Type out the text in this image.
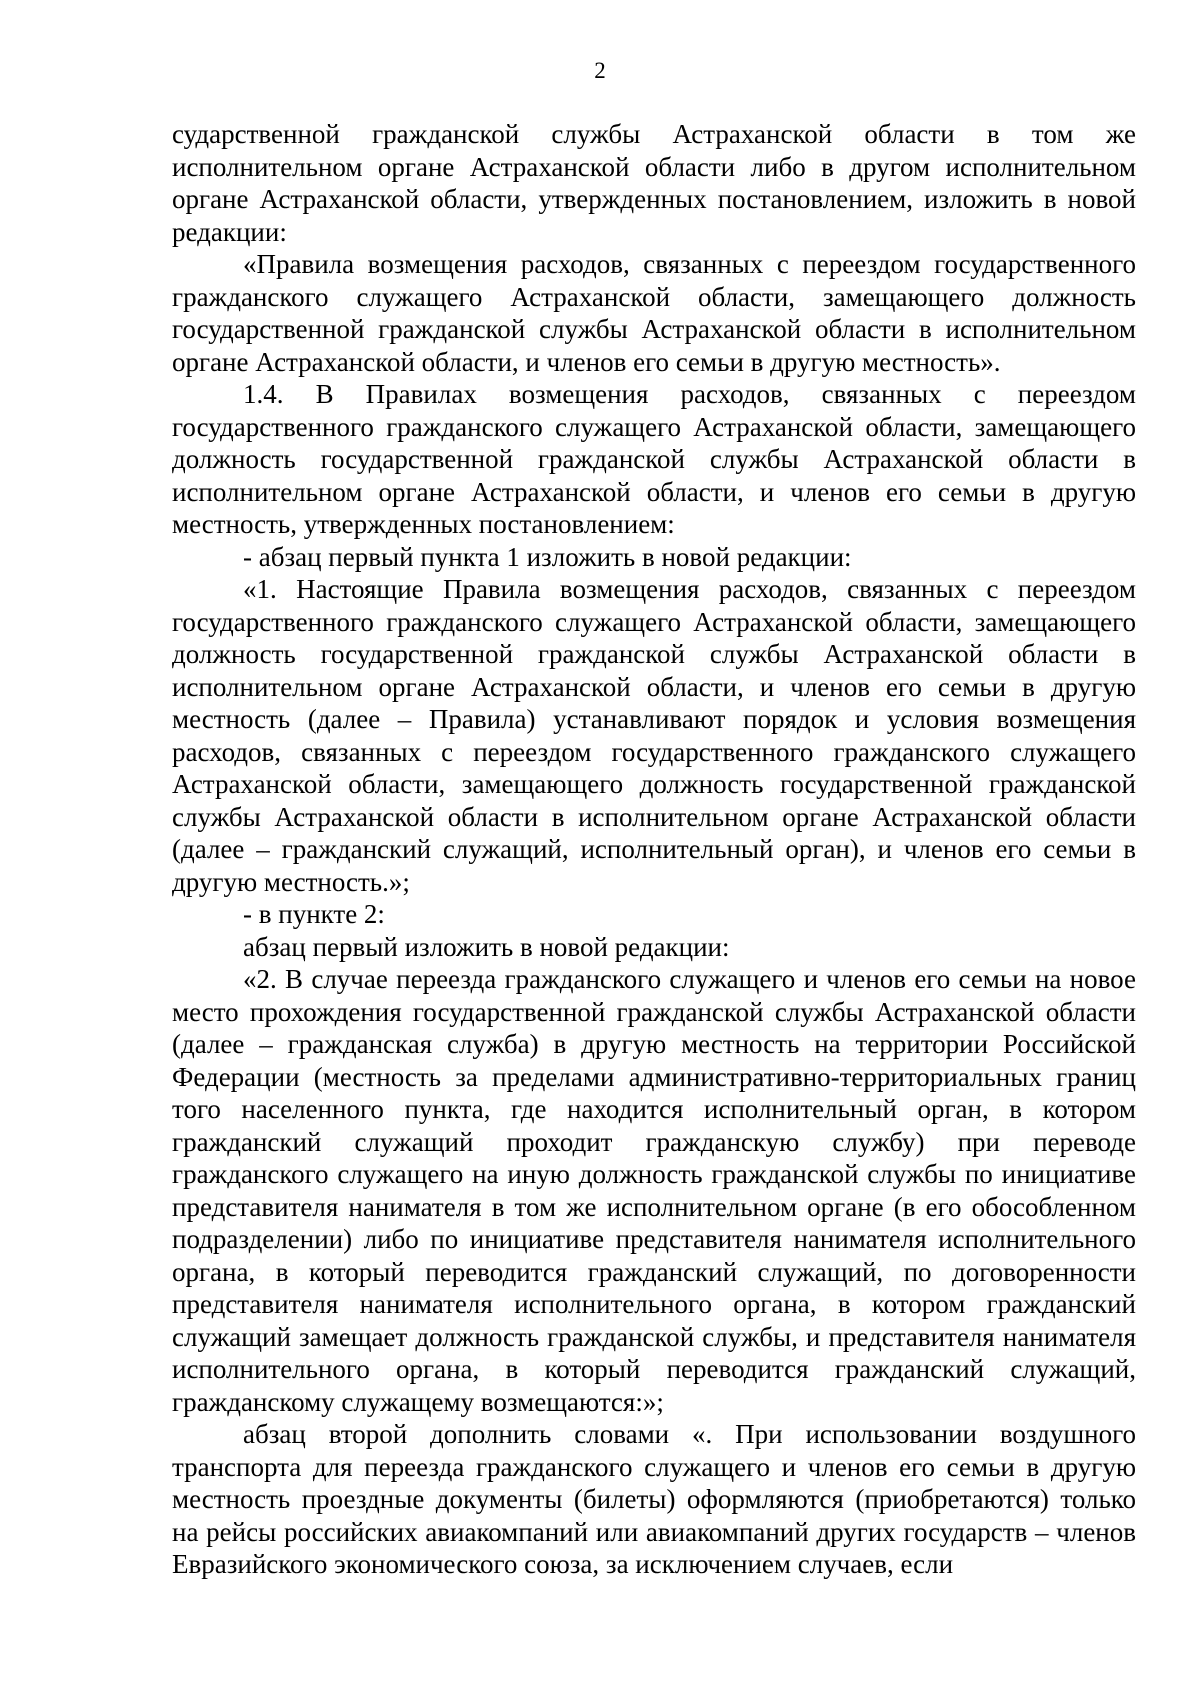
2

сударственной гражданской службы Астраханской области в том же исполнительном органе Астраханской области либо в другом исполнительном органе Астраханской области, утвержденных постановлением, изложить в новой редакции:

«Правила возмещения расходов, связанных с переездом государственного гражданского служащего Астраханской области, замещающего должность государственной гражданской службы Астраханской области в исполнительном органе Астраханской области, и членов его семьи в другую местность».

1.4. В Правилах возмещения расходов, связанных с переездом государственного гражданского служащего Астраханской области, замещающего должность государственной гражданской службы Астраханской области в исполнительном органе Астраханской области, и членов его семьи в другую местность, утвержденных постановлением:

- абзац первый пункта 1 изложить в новой редакции:

«1. Настоящие Правила возмещения расходов, связанных с переездом государственного гражданского служащего Астраханской области, замещающего должность государственной гражданской службы Астраханской области в исполнительном органе Астраханской области, и членов его семьи в другую местность (далее – Правила) устанавливают порядок и условия возмещения расходов, связанных с переездом государственного гражданского служащего Астраханской области, замещающего должность государственной гражданской службы Астраханской области в исполнительном органе Астраханской области (далее – гражданский служащий, исполнительный орган), и членов его семьи в другую местность.»;

- в пункте 2:

абзац первый изложить в новой редакции:

«2. В случае переезда гражданского служащего и членов его семьи на новое место прохождения государственной гражданской службы Астраханской области (далее – гражданская служба) в другую местность на территории Российской Федерации (местность за пределами административно-территориальных границ того населенного пункта, где находится исполнительный орган, в котором гражданский служащий проходит гражданскую службу) при переводе гражданского служащего на иную должность гражданской службы по инициативе представителя нанимателя в том же исполнительном органе (в его обособленном подразделении) либо по инициативе представителя нанимателя исполнительного органа, в который переводится гражданский служащий, по договоренности представителя нанимателя исполнительного органа, в котором гражданский служащий замещает должность гражданской службы, и представителя нанимателя исполнительного органа, в который переводится гражданский служащий, гражданскому служащему возмещаются:»;

абзац второй дополнить словами «. При использовании воздушного транспорта для переезда гражданского служащего и членов его семьи в другую местность проездные документы (билеты) оформляются (приобретаются) только на рейсы российских авиакомпаний или авиакомпаний других государств – членов Евразийского экономического союза, за исключением случаев, если
